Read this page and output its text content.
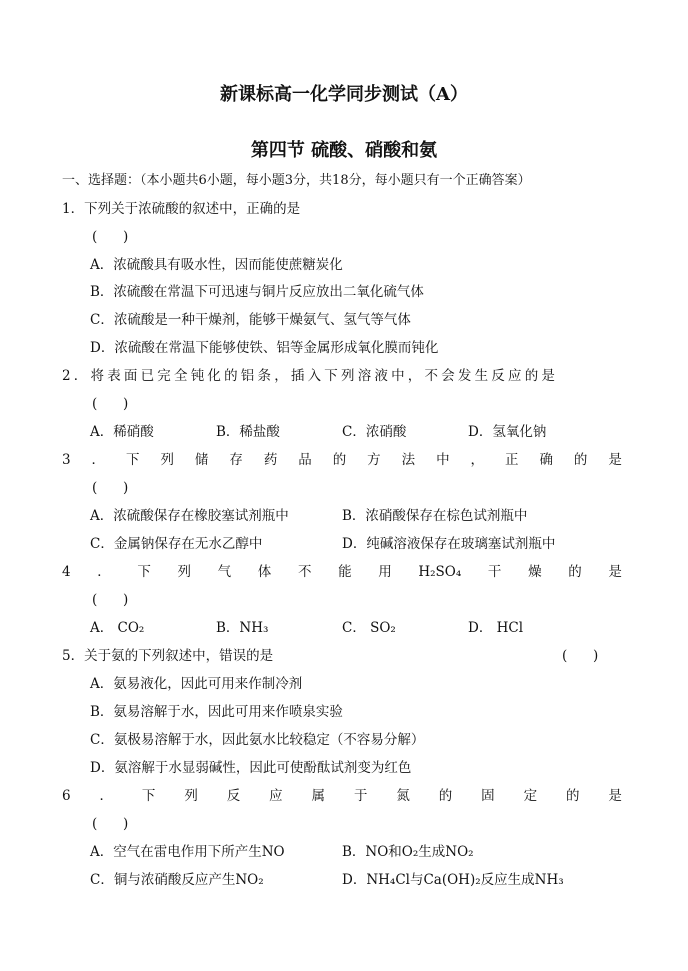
新课标高一化学同步测试（A）
第四节 硫酸、硝酸和氨
一、选择题：（本小题共6小题，每小题3分，共18分，每小题只有一个正确答案）
1．下列关于浓硫酸的叙述中，正确的是
(      )
A．浓硫酸具有吸水性，因而能使蔗糖炭化
B．浓硫酸在常温下可迅速与铜片反应放出二氧化硫气体
C．浓硫酸是一种干燥剂，能够干燥氨气、氢气等气体
D．浓硫酸在常温下能够使铁、铝等金属形成氧化膜而钝化
2．将表面已完全钝化的铝条，插入下列溶液中，不会发生反应的是
(      )
A．稀硝酸	B．稀盐酸	C．浓硝酸	D．氢氧化钠
3 ． 下 列 储 存 药 品 的 方 法 中 ， 正 确 的 是
(      )
A．浓硫酸保存在橡胶塞试剂瓶中	B．浓硝酸保存在棕色试剂瓶中
C．金属钠保存在无水乙醇中	D．纯碱溶液保存在玻璃塞试剂瓶中
4 ． 下 列 气 体 不 能 用 H₂SO₄ 干 燥 的 是
(      )
A． CO₂	B．NH₃	C． SO₂	D． HCl
5．关于氨的下列叙述中，错误的是	(      )
A．氨易液化，因此可用来作制冷剂
B．氨易溶解于水，因此可用来作喷泉实验
C．氨极易溶解于水，因此氨水比较稳定（不容易分解）
D．氨溶解于水显弱碱性，因此可使酚酞试剂变为红色
6 ． 下 列 反 应 属 于 氮 的 固 定 的 是
(      )
A．空气在雷电作用下所产生NO	B．NO和O₂生成NO₂
C．铜与浓硝酸反应产生NO₂	D．NH₄Cl与Ca(OH)₂反应生成NH₃
